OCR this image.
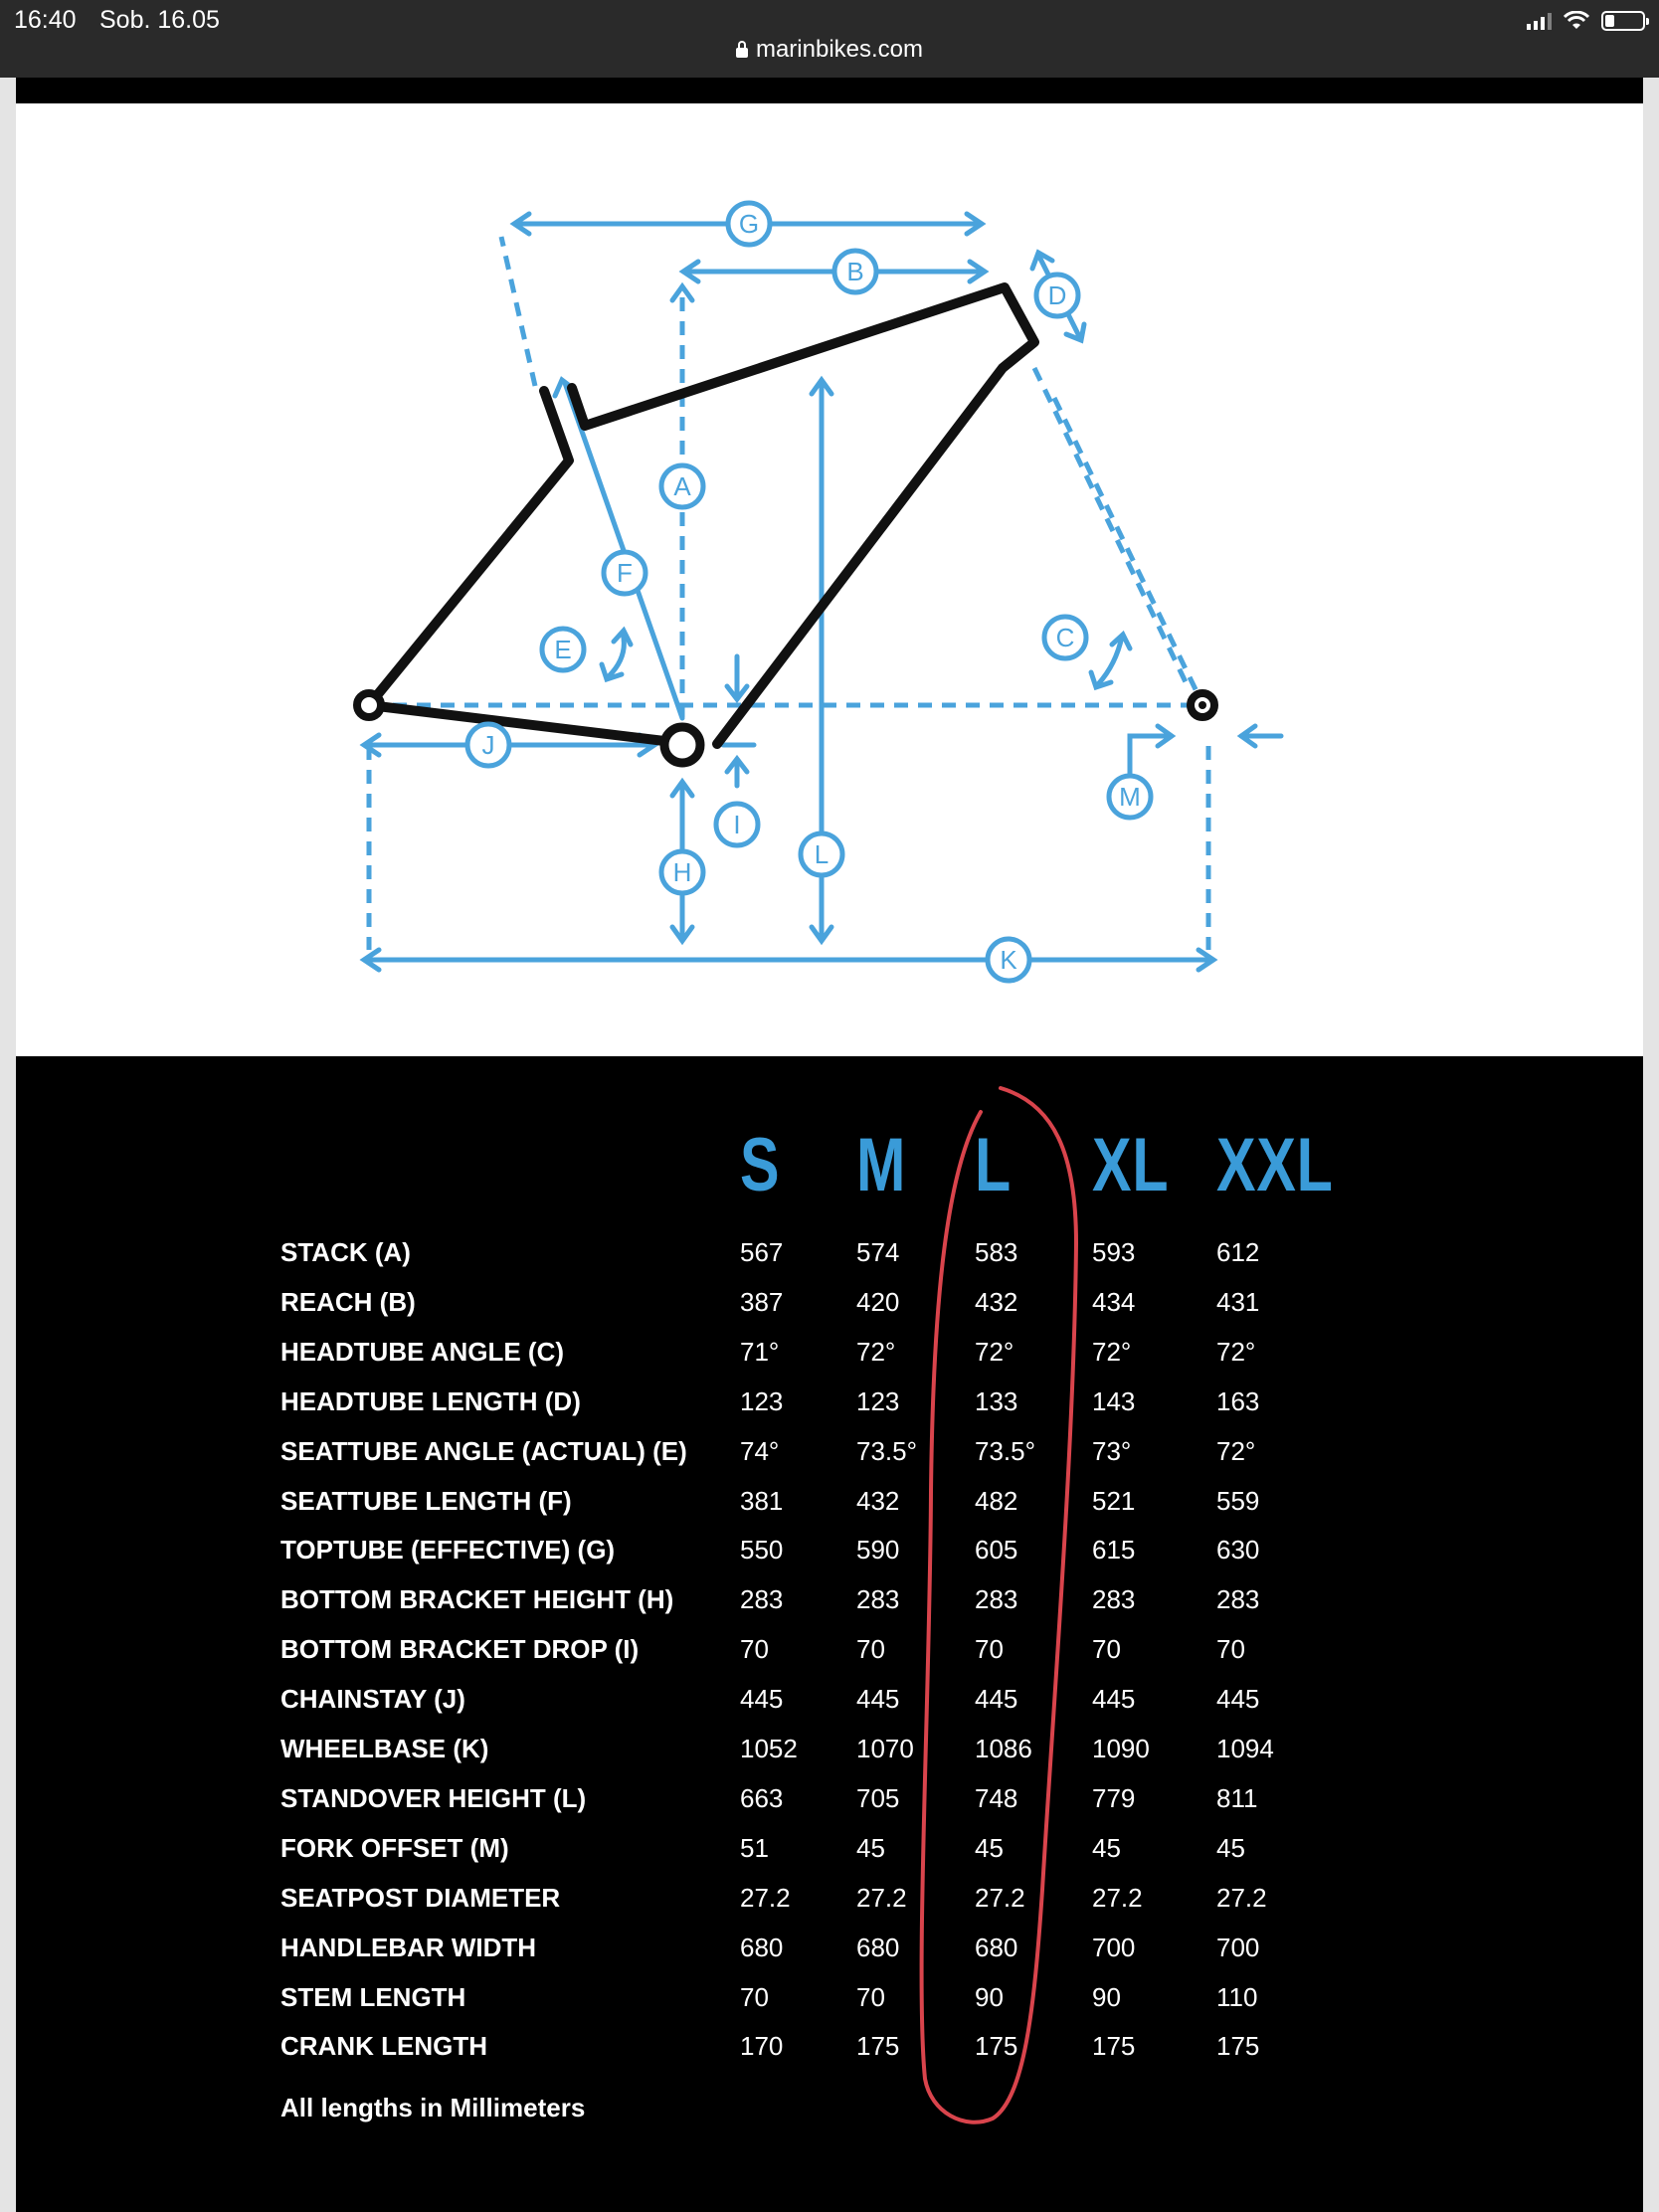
16:40 Sob. 16.05
marinbikes.com
A
B
C
D
E
F
G
H
I
J
K
L
M
S M L XL XXL
STACK (A)	567	574	583	593	612
REACH (B)	387	420	432	434	431
HEADTUBE ANGLE (C)	71°	72°	72°	72°	72°
HEADTUBE LENGTH (D)	123	123	133	143	163
SEATTUBE ANGLE (ACTUAL) (E) 74°	73.5° 73.5° 73°	72°
SEATTUBE LENGTH (F)	381	432	482	521	559
TOPTUBE (EFFECTIVE) (G)	550	590	605	615	630
BOTTOM BRACKET HEIGHT (H)	283	283	283	283	283
BOTTOM BRACKET DROP (I)	70	70	70	70	70
CHAINSTAY (J)	445	445	445	445	445
WHEELBASE (K)	1052 1070 1086 1090	1094
STANDOVER HEIGHT (L)	663	705	748	779	811
FORK OFFSET (M)	51	45	45	45	45
SEATPOST DIAMETER	27.2	27.2	27.2	27.2	27.2
HANDLEBAR WIDTH	680	680	680	700	700
STEM LENGTH	70	70	90	90	110
CRANK LENGTH	170	175	175	175	175
All lengths in Millimeters
